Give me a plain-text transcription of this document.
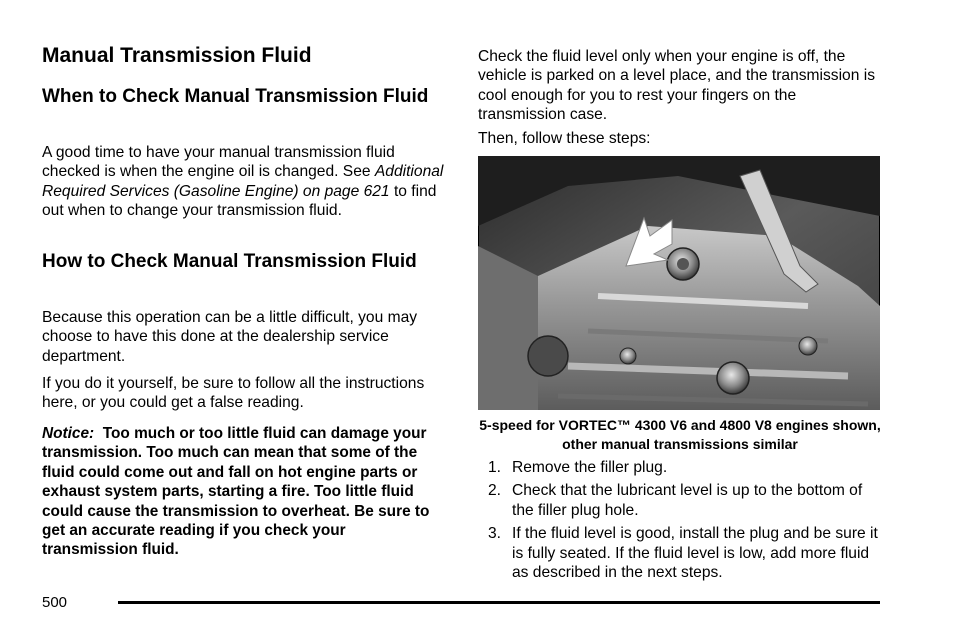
Manual Transmission Fluid
When to Check Manual Transmission Fluid

A good time to have your manual transmission fluid checked is when the engine oil is changed. See Additional Required Services (Gasoline Engine) on page 621 to find out when to change your transmission fluid.

How to Check Manual Transmission Fluid

Because this operation can be a little difficult, you may choose to have this done at the dealership service department.

If you do it yourself, be sure to follow all the instructions here, or you could get a false reading.

Notice: Too much or too little fluid can damage your transmission. Too much can mean that some of the fluid could come out and fall on hot engine parts or exhaust system parts, starting a fire. Too little fluid could cause the transmission to overheat. Be sure to get an accurate reading if you check your transmission fluid.

Check the fluid level only when your engine is off, the vehicle is parked on a level place, and the transmission is cool enough for you to rest your fingers on the transmission case.

Then, follow these steps:

5-speed for VORTEC™ 4300 V6 and 4800 V8 engines shown, other manual transmissions similar

1. Remove the filler plug.
2. Check that the lubricant level is up to the bottom of the filler plug hole.
3. If the fluid level is good, install the plug and be sure it is fully seated. If the fluid level is low, add more fluid as described in the next steps.
500
